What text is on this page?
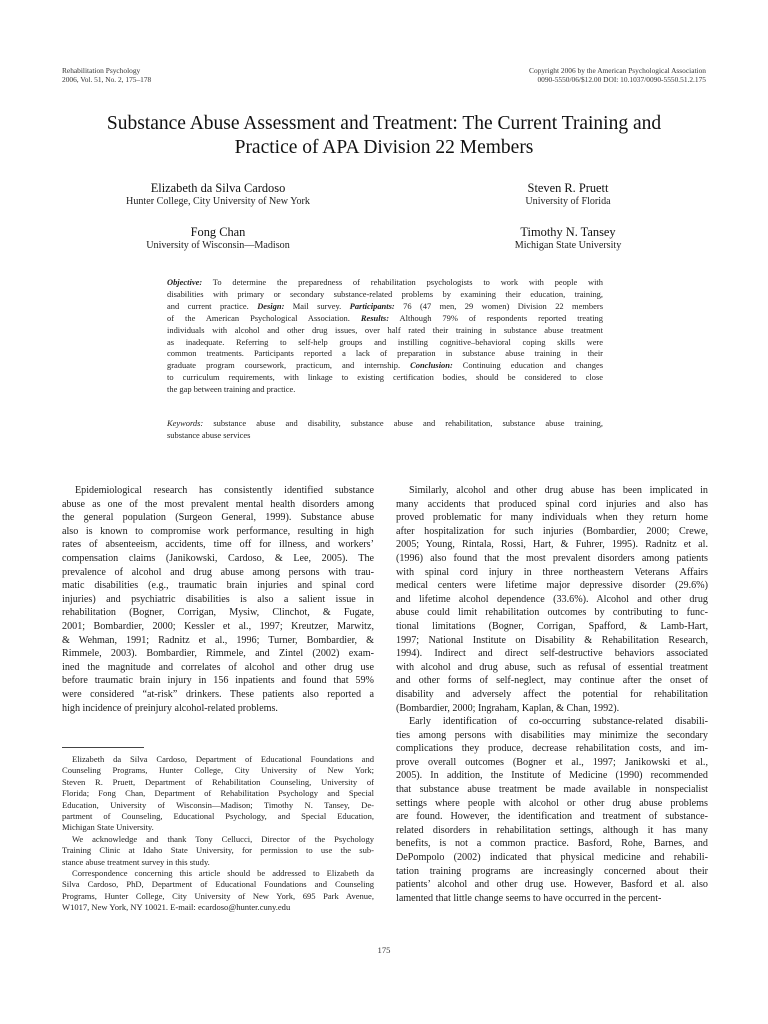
Rehabilitation Psychology
2006, Vol. 51, No. 2, 175–178
Copyright 2006 by the American Psychological Association
0090-5550/06/$12.00 DOI: 10.1037/0090-5550.51.2.175
Substance Abuse Assessment and Treatment: The Current Training and
Practice of APA Division 22 Members
Elizabeth da Silva Cardoso
Hunter College, City University of New York
Steven R. Pruett
University of Florida
Fong Chan
University of Wisconsin—Madison
Timothy N. Tansey
Michigan State University
Objective: To determine the preparedness of rehabilitation psychologists to work with people with
disabilities with primary or secondary substance-related problems by examining their education, training,
and current practice. Design: Mail survey. Participants: 76 (47 men, 29 women) Division 22 members
of the American Psychological Association. Results: Although 79% of respondents reported treating
individuals with alcohol and other drug issues, over half rated their training in substance abuse treatment
as inadequate. Referring to self-help groups and instilling cognitive–behavioral coping skills were
common treatments. Participants reported a lack of preparation in substance abuse training in their
graduate program coursework, practicum, and internship. Conclusion: Continuing education and changes
to curriculum requirements, with linkage to existing certification bodies, should be considered to close
the gap between training and practice.
Keywords: substance abuse and disability, substance abuse and rehabilitation, substance abuse training,
substance abuse services
Epidemiological research has consistently identified substance
abuse as one of the most prevalent mental health disorders among
the general population (Surgeon General, 1999). Substance abuse
also is known to compromise work performance, resulting in high
rates of absenteeism, accidents, time off for illness, and workers’
compensation claims (Janikowski, Cardoso, & Lee, 2005). The
prevalence of alcohol and drug abuse among persons with trau-
matic disabilities (e.g., traumatic brain injuries and spinal cord
injuries) and psychiatric disabilities is also a salient issue in
rehabilitation (Bogner, Corrigan, Mysiw, Clinchot, & Fugate,
2001; Bombardier, 2000; Kessler et al., 1997; Kreutzer, Marwitz,
& Wehman, 1991; Radnitz et al., 1996; Turner, Bombardier, &
Rimmele, 2003). Bombardier, Rimmele, and Zintel (2002) exam-
ined the magnitude and correlates of alcohol and other drug use
before traumatic brain injury in 156 inpatients and found that 59%
were considered “at-risk” drinkers. These patients also reported a
high incidence of preinjury alcohol-related problems.
Similarly, alcohol and other drug abuse has been implicated in
many accidents that produced spinal cord injuries and also has
proved problematic for many individuals when they return home
after hospitalization for such injuries (Bombardier, 2000; Crewe,
2005; Young, Rintala, Rossi, Hart, & Fuhrer, 1995). Radnitz et al.
(1996) also found that the most prevalent disorders among patients
with spinal cord injury in three northeastern Veterans Affairs
medical centers were lifetime major depressive disorder (29.6%)
and lifetime alcohol dependence (33.6%). Alcohol and other drug
abuse could limit rehabilitation outcomes by contributing to func-
tional limitations (Bogner, Corrigan, Spafford, & Lamb-Hart,
1997; National Institute on Disability & Rehabilitation Research,
1994). Indirect and direct self-destructive behaviors associated
with alcohol and drug abuse, such as refusal of essential treatment
and other forms of self-neglect, may continue after the onset of
disability and adversely affect the potential for rehabilitation
(Bombardier, 2000; Ingraham, Kaplan, & Chan, 1992).
Early identification of co-occurring substance-related disabili-
ties among persons with disabilities may minimize the secondary
complications they produce, decrease rehabilitation costs, and im-
prove overall outcomes (Bogner et al., 1997; Janikowski et al.,
2005). In addition, the Institute of Medicine (1990) recommended
that substance abuse treatment be made available in nonspecialist
settings where people with alcohol or other drug abuse problems
are found. However, the identification and treatment of substance-
related disorders in rehabilitation settings, although it has many
benefits, is not a common practice. Basford, Rohe, Barnes, and
DePompolo (2002) indicated that physical medicine and rehabili-
tation training programs are increasingly concerned about their
patients’ alcohol and other drug use. However, Basford et al. also
lamented that little change seems to have occurred in the percent-
Elizabeth da Silva Cardoso, Department of Educational Foundations and
Counseling Programs, Hunter College, City University of New York;
Steven R. Pruett, Department of Rehabilitation Counseling, University of
Florida; Fong Chan, Department of Rehabilitation Psychology and Special
Education, University of Wisconsin—Madison; Timothy N. Tansey, De-
partment of Counseling, Educational Psychology, and Special Education,
Michigan State University.
We acknowledge and thank Tony Cellucci, Director of the Psychology
Training Clinic at Idaho State University, for permission to use the sub-
stance abuse treatment survey in this study.
Correspondence concerning this article should be addressed to Elizabeth da
Silva Cardoso, PhD, Department of Educational Foundations and Counseling
Programs, Hunter College, City University of New York, 695 Park Avenue,
W1017, New York, NY 10021. E-mail: ecardoso@hunter.cuny.edu
175
